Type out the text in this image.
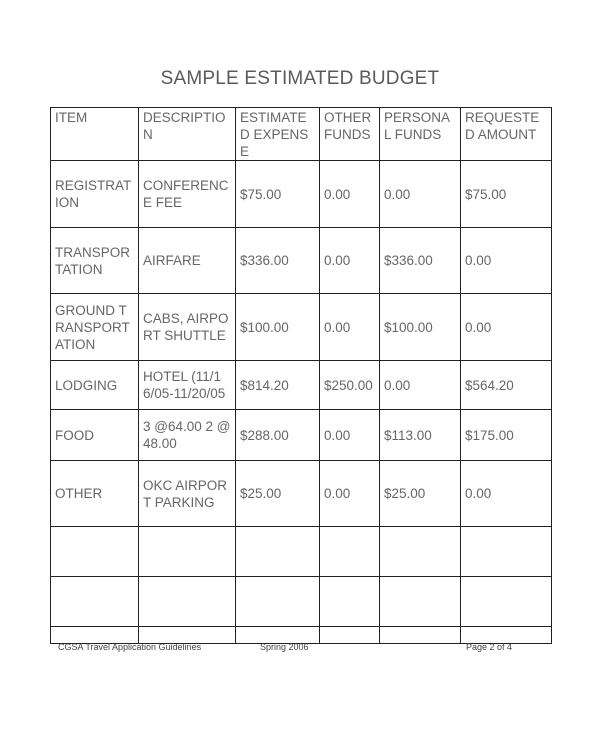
SAMPLE ESTIMATED BUDGET
ITEM	DESCRIPTION	ESTIMATED EXPENSE	OTHER FUNDS	PERSONAL FUNDS	REQUESTED AMOUNT

REGISTRATION	CONFERENCE FEE	$75.00	0.00	0.00	$75.00
TRANSPORTATION	AIRFARE	$336.00	0.00	$336.00	0.00
GROUND TRANSPORTATION	CABS, AIRPORT SHUTTLE	$100.00	0.00	$100.00	0.00
LODGING	HOTEL (11/16/05-11/20/05	$814.20	$250.00	0.00	$564.20
FOOD	3 @64.00 2 @ 48.00	$288.00	0.00	$113.00	$175.00
OTHER	OKC AIRPORT PARKING	$25.00	0.00	$25.00	0.00

CGSA Travel Application Guidelines	Spring 2006	Page 2 of 4
